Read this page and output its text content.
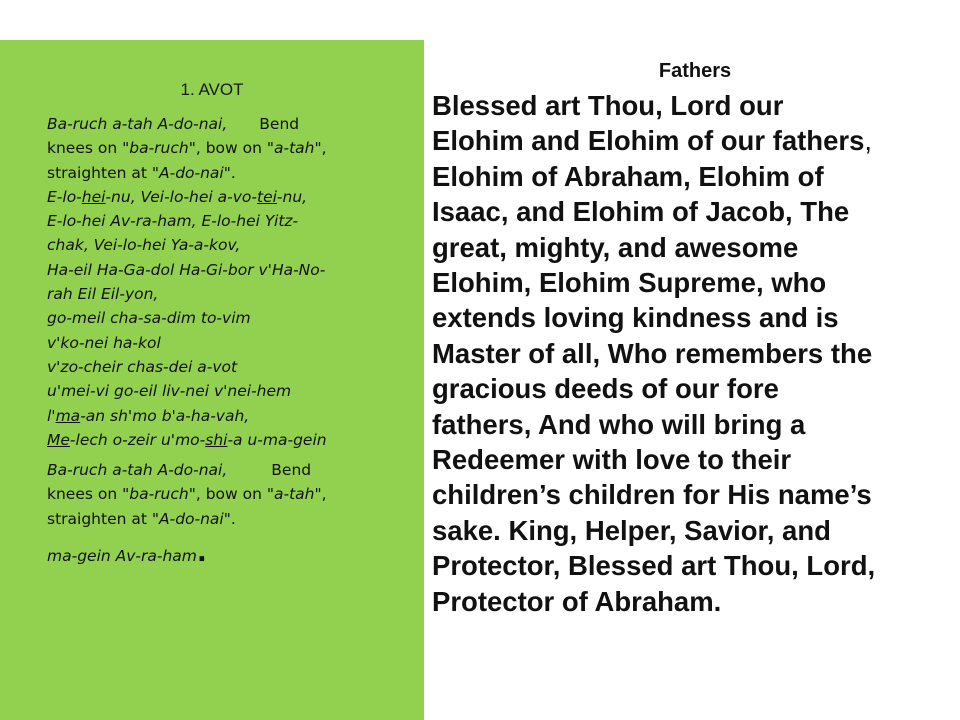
1. AVOT
Ba-ruch a-tah A-do-nai, Bend
knees on "ba-ruch", bow on "a-tah",
straighten at "A-do-nai".
E-lo-hei-nu, Vei-lo-hei a-vo-tei-nu,
E-lo-hei Av-ra-ham, E-lo-hei Yitz-
chak, Vei-lo-hei Ya-a-kov,
Ha-eil Ha-Ga-dol Ha-Gi-bor v'Ha-No-
rah Eil Eil-yon,
go-meil cha-sa-dim to-vim
v'ko-nei ha-kol
v'zo-cheir chas-dei a-vot
u'mei-vi go-eil liv-nei v'nei-hem
l'ma-an sh'mo b'a-ha-vah,
Me-lech o-zeir u'mo-shi-a u-ma-gein
Ba-ruch a-tah A-do-nai,	Bend
knees on "ba-ruch", bow on "a-tah",
straighten at "A-do-nai".
ma-gein Av-ra-ham.
Fathers
Blessed art Thou, Lord our
Elohim and Elohim of our fathers,
Elohim of Abraham, Elohim of
Isaac, and Elohim of Jacob, The
great, mighty, and awesome
Elohim, Elohim Supreme, who
extends loving kindness and is
Master of all, Who remembers the
gracious deeds of our fore
fathers, And who will bring a
Redeemer with love to their
children’s children for His name’s
sake. King, Helper, Savior, and
Protector, Blessed art Thou, Lord,
Protector of Abraham.
